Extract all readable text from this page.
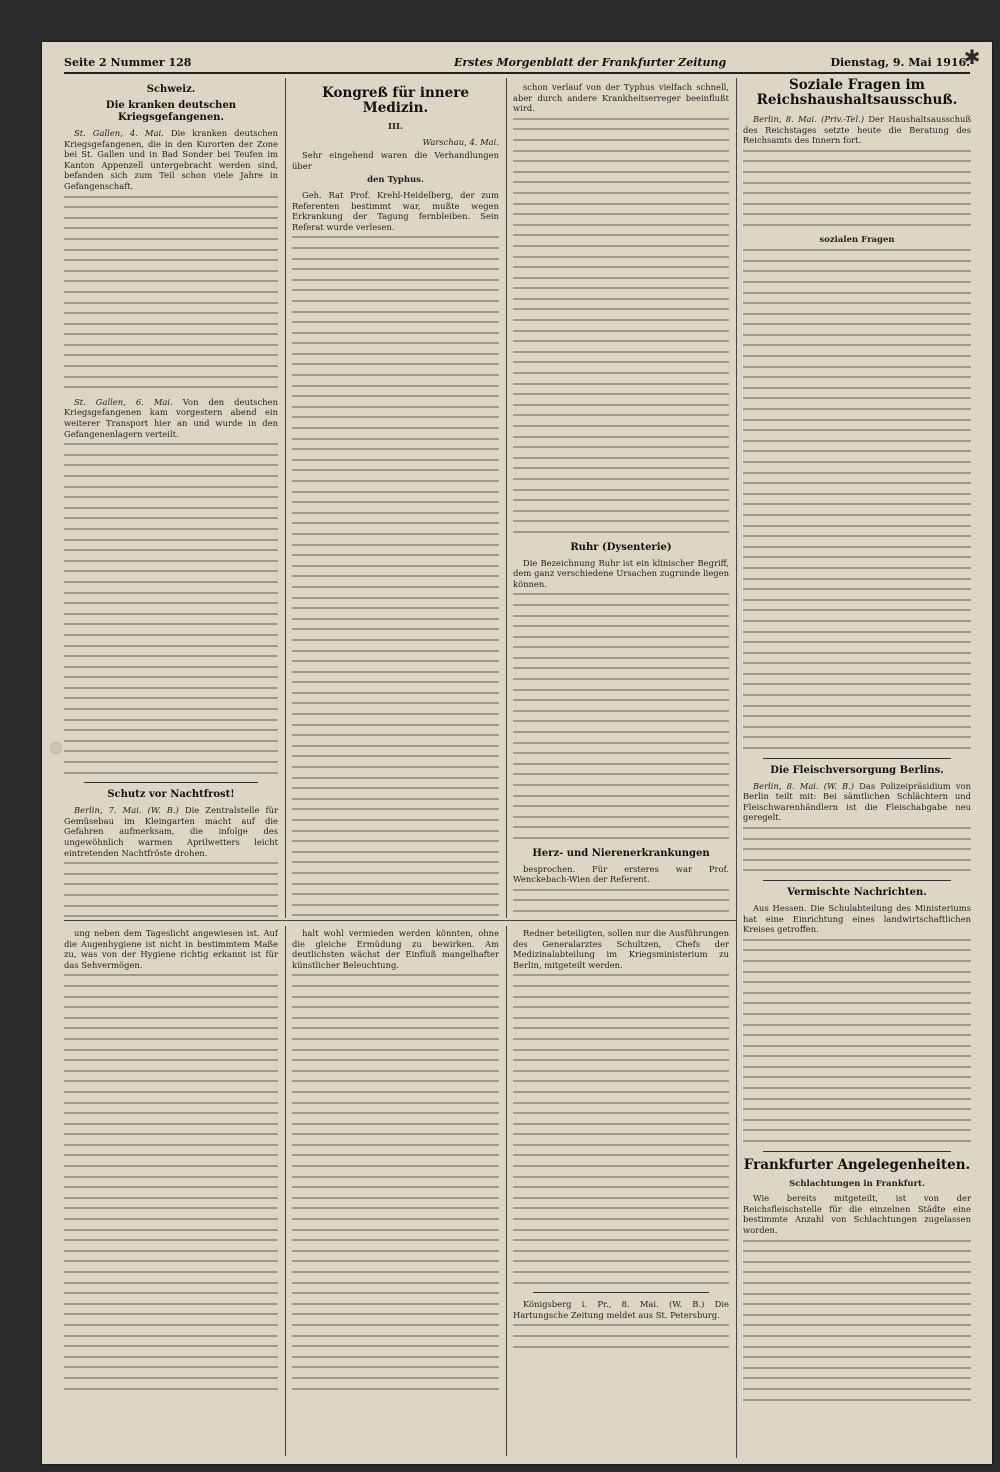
Seite 2 Nummer 128	Erstes Morgenblatt der Frankfurter Zeitung	Dienstag, 9. Mai 1916.
✱
Schweiz.
Die kranken deutschen Kriegsgefangenen.
St. Gallen, 4. Mai. Die kranken deutschen Kriegsgefangenen, die in den Kurorten der Zone bei St. Gallen und in Bad Sonder bei Teufen im Kanton Appenzell untergebracht werden sind, befanden sich zum Teil schon viele Jahre in Gefangenschaft.
St. Gallen, 6. Mai. Von den deutschen Kriegsgefangenen kam vorgestern abend ein weiterer Transport hier an und wurde in den Gefangenenlagern verteilt.
Schutz vor Nachtfrost!
Berlin, 7. Mai. (W. B.) Die Zentralstelle für Gemüsebau im Kleingarten macht auf die Gefahren aufmerksam, die infolge des ungewöhnlich warmen Aprilwetters leicht eintretenden Nachtfröste drohen.
Kongreß für innere Medizin.
III.
Warschau, 4. Mai.
Sehr eingehend waren die Verhandlungen über
den Typhus.
Geh. Rat Prof. Krehl-Heidelberg, der zum Referenten bestimmt war, mußte wegen Erkrankung der Tagung fernbleiben. Sein Referat wurde verlesen.
schon verlauf von der Typhus vielfach schnell, aber durch andere Krankheitserreger beeinflußt wird.
Ruhr (Dysenterie)
Die Bezeichnung Ruhr ist ein klinischer Begriff, dem ganz verschiedene Ursachen zugrunde liegen können.
Herz- und Nierenerkrankungen
besprochen. Für ersteres war Prof. Wenckebach-Wien der Referent.
Soziale Fragen im Reichshaushaltsausschuß.
Berlin, 8. Mai. (Priv.-Tel.) Der Haushaltsausschuß des Reichstages setzte heute die Beratung des Reichsamts des Innern fort.
sozialen Fragen
Die Fleischversorgung Berlins.
Berlin, 8. Mai. (W. B.) Das Polizeipräsidium von Berlin teilt mit: Bei sämtlichen Schlächtern und Fleischwarenhändlern ist die Fleischabgabe neu geregelt.
Vermischte Nachrichten.
Aus Hessen. Die Schulabteilung des Ministeriums hat eine Einrichtung eines landwirtschaftlichen Kreises getroffen.
Frankfurter Angelegenheiten.
Schlachtungen in Frankfurt.
Wie bereits mitgeteilt, ist von der Reichsfleischstelle für die einzelnen Städte eine bestimmte Anzahl von Schlachtungen zugelassen worden.
ung neben dem Tageslicht angewiesen ist. Auf die Augenhygiene ist nicht in bestimmtem Maße zu, was von der Hygiene richtig erkannt ist für das Sehvermögen.
halt wohl vermieden werden könnten, ohne die gleiche Ermüdung zu bewirken. Am deutlichsten wächst der Einfluß mangelhafter künstlicher Beleuchtung.
Redner beteiligten, sollen nur die Ausführungen des Generalarztes Schultzen, Chefs der Medizinalabteilung im Kriegsministerium zu Berlin, mitgeteilt werden.
Königsberg i. Pr., 8. Mai. (W. B.) Die Hartungsche Zeitung meldet aus St. Petersburg.
